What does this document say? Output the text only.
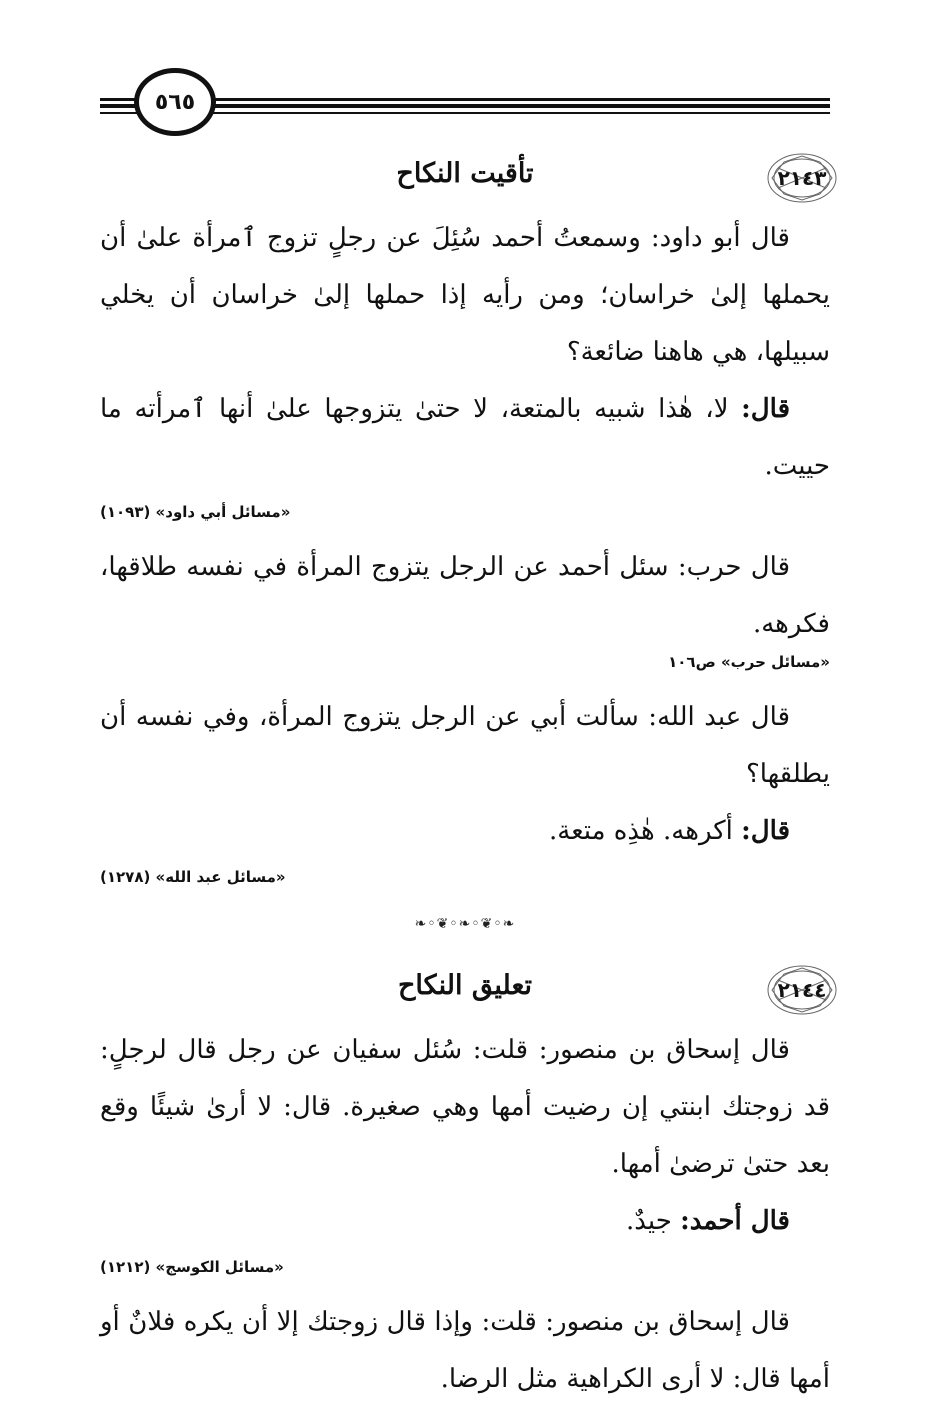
٥٦٥
٢١٤٣
تأقيت النكاح

قال أبو داود: وسمعتُ أحمد سُئِلَ عن رجلٍ تزوج ٱمرأة علىٰ أن يحملها إلىٰ خراسان؛ ومن رأيه إذا حملها إلىٰ خراسان أن يخلي سبيلها، هي هاهنا ضائعة؟

قال: لا، هٰذا شبيه بالمتعة، لا حتىٰ يتزوجها علىٰ أنها ٱمرأته ما حييت.

«مسائل أبي داود» (١٠٩٣)

قال حرب: سئل أحمد عن الرجل يتزوج المرأة في نفسه طلاقها، فكرهه.

«مسائل حرب» ص١٠٦

قال عبد الله: سألت أبي عن الرجل يتزوج المرأة، وفي نفسه أن يطلقها؟

قال: أكرهه. هٰذِه متعة.

«مسائل عبد الله» (١٢٧٨)
❧◦❦◦❧◦❦◦❧
٢١٤٤
تعليق النكاح

قال إسحاق بن منصور: قلت: سُئل سفيان عن رجل قال لرجلٍ: قد زوجتك ابنتي إن رضيت أمها وهي صغيرة. قال: لا أرىٰ شيئًا وقع بعد حتىٰ ترضىٰ أمها.

قال أحمد: جيدٌ.

«مسائل الكوسج» (١٢١٢)

قال إسحاق بن منصور: قلت: وإذا قال زوجتك إلا أن يكره فلانٌ أو أمها قال: لا أرى الكراهية مثل الرضا.
